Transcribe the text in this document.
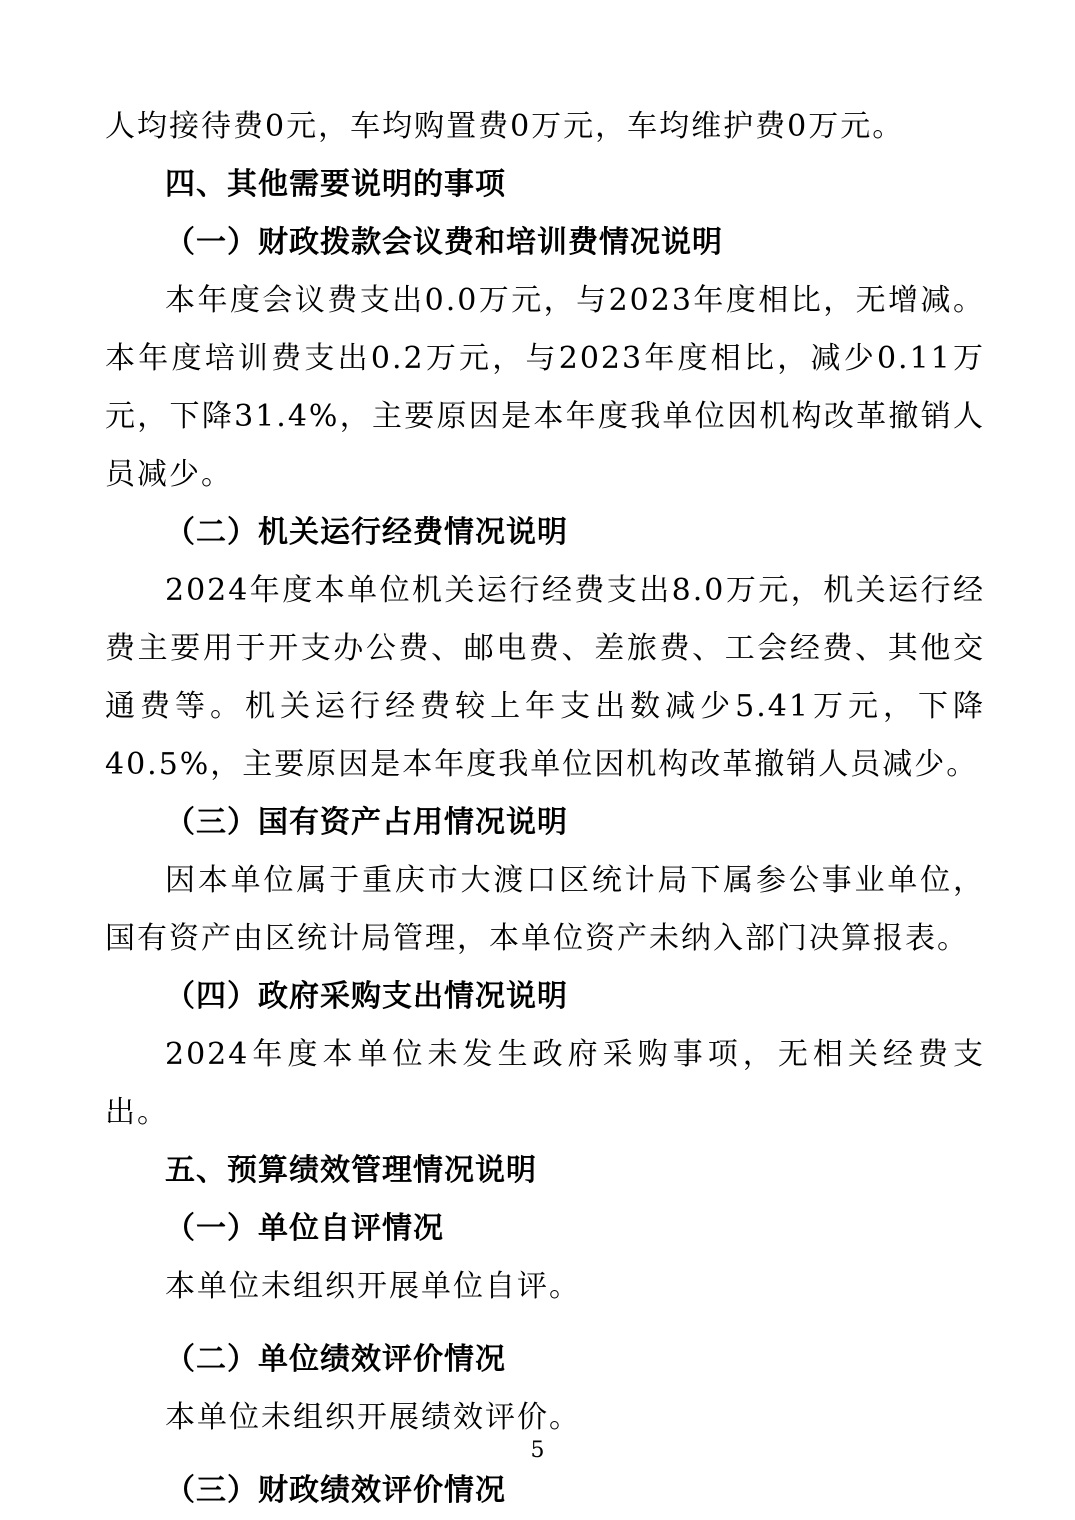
人均接待费0元，车均购置费0万元，车均维护费0万元。

四、其他需要说明的事项

（一）财政拨款会议费和培训费情况说明

本年度会议费支出0.0万元，与2023年度相比，无增减。本年度培训费支出0.2万元，与2023年度相比，减少0.11万元，下降31.4%，主要原因是本年度我单位因机构改革撤销人员减少。

（二）机关运行经费情况说明

2024年度本单位机关运行经费支出8.0万元，机关运行经费主要用于开支办公费、邮电费、差旅费、工会经费、其他交通费等。机关运行经费较上年支出数减少5.41万元，下降40.5%，主要原因是本年度我单位因机构改革撤销人员减少。

（三）国有资产占用情况说明

因本单位属于重庆市大渡口区统计局下属参公事业单位，国有资产由区统计局管理，本单位资产未纳入部门决算报表。

（四）政府采购支出情况说明

2024年度本单位未发生政府采购事项，无相关经费支出。

五、预算绩效管理情况说明

（一）单位自评情况

本单位未组织开展单位自评。

（二）单位绩效评价情况

本单位未组织开展绩效评价。

（三）财政绩效评价情况

5
